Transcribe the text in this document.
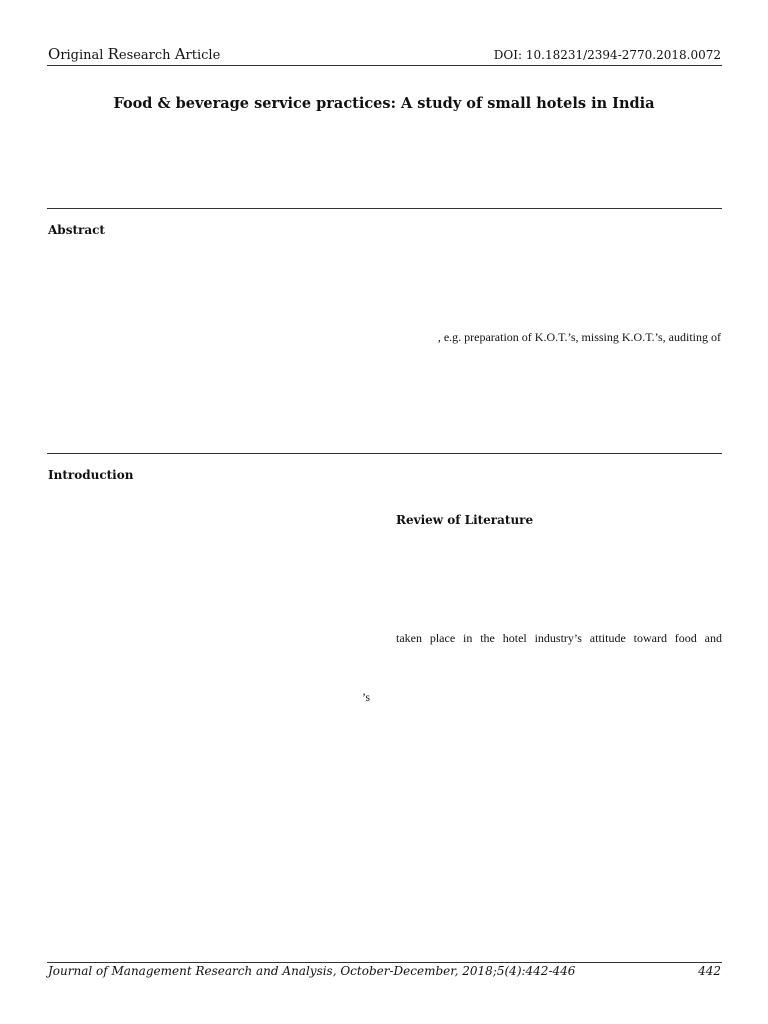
Original Research Article	DOI: 10.18231/2394-2770.2018.0072
Food & beverage service practices: A study of small hotels in India
Abstract
, e.g. preparation of K.O.T.’s, missing K.O.T.’s, auditing of
Introduction
’s
Review of Literature
taken place in the hotel industry’s attitude toward food and
Journal of Management Research and Analysis, October-December, 2018;5(4):442-446	442
